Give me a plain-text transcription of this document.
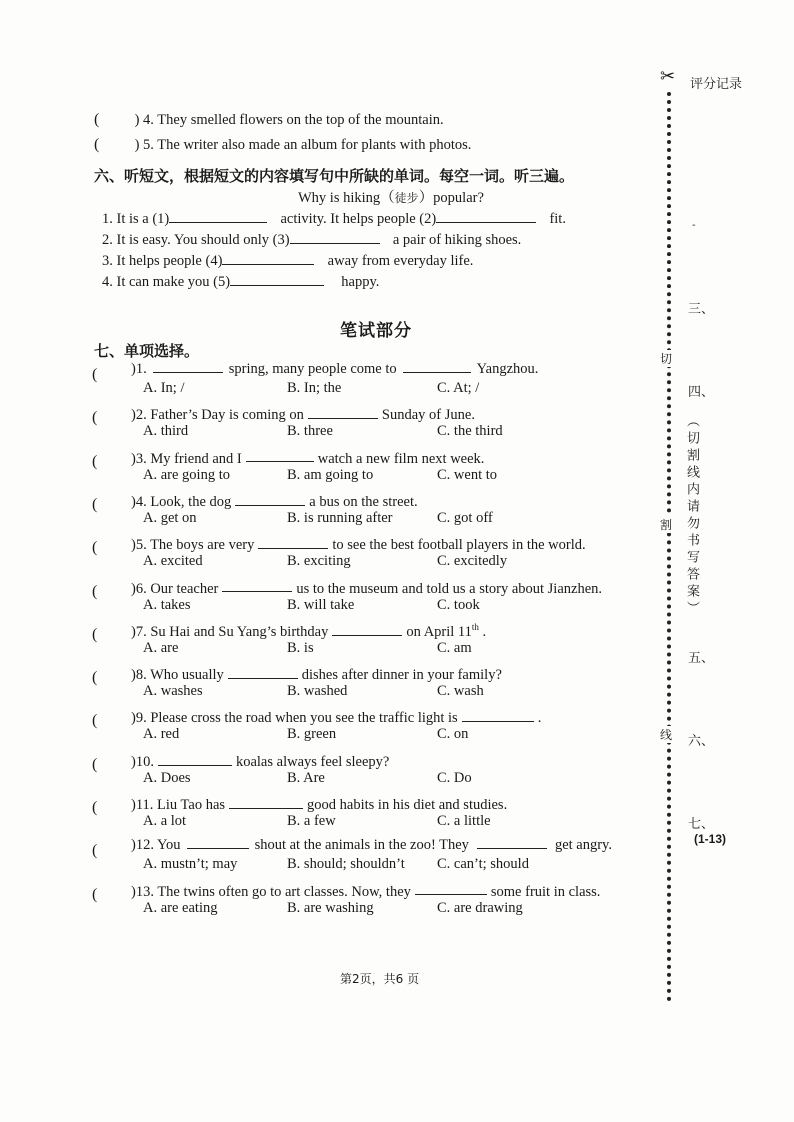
( ) 4. They smelled flowers on the top of the mountain.
( ) 5. The writer also made an album for plants with photos.
六、听短文，根据短文的内容填写句中所缺的单词。每空一词。听三遍。
Why is hiking（徒步）popular?
1. It is a (1)	activity. It helps people (2)	fit.
2. It is easy. You should only (3)	a pair of hiking shoes.
3. It helps people (4)	away from everyday life.
4. It can make you (5)	happy.
笔试部分
七、单项选择。
( )1.	spring, many people come to	Yangzhou.
A. In; /	B. In; the	C. At; /
( )2. Father’s Day is coming on	Sunday of June.
A. third	B. three	C. the third
( )3. My friend and I	watch a new film next week.
A. are going to	B. am going to	C. went to
( )4. Look, the dog	a bus on the street.
A. get on	B. is running after	C. got off
( )5. The boys are very	to see the best football players in the world.
A. excited	B. exciting	C. excitedly
( )6. Our teacher	us to the museum and told us a story about Jianzhen.
A. takes	B. will take	C. took
( )7. Su Hai and Su Yang’s birthday	on April 11th .
A. are	B. is	C. am
( )8. Who usually	dishes after dinner in your family?
A. washes	B. washed	C. wash
( )9. Please cross the road when you see the traffic light is	.
A. red	B. green	C. on
( )10.	koalas always feel sleepy?
A. Does	B. Are	C. Do
( )11. Liu Tao has	good habits in his diet and studies.
A. a lot	B. a few	C. a little
( )12. You	shout at the animals in the zoo! They	get angry.
A. mustn’t; may	B. should; shouldn’t C. can’t; should
( )13. The twins often go to art classes. Now, they	some fruit in class.
A. are eating	B. are washing	C. are drawing
第2页，共6 页
✂ 评分记录
-
三、
四、
五、
六、
七、
(1-13)
切
割
线
（切割线内请勿书写答案）
